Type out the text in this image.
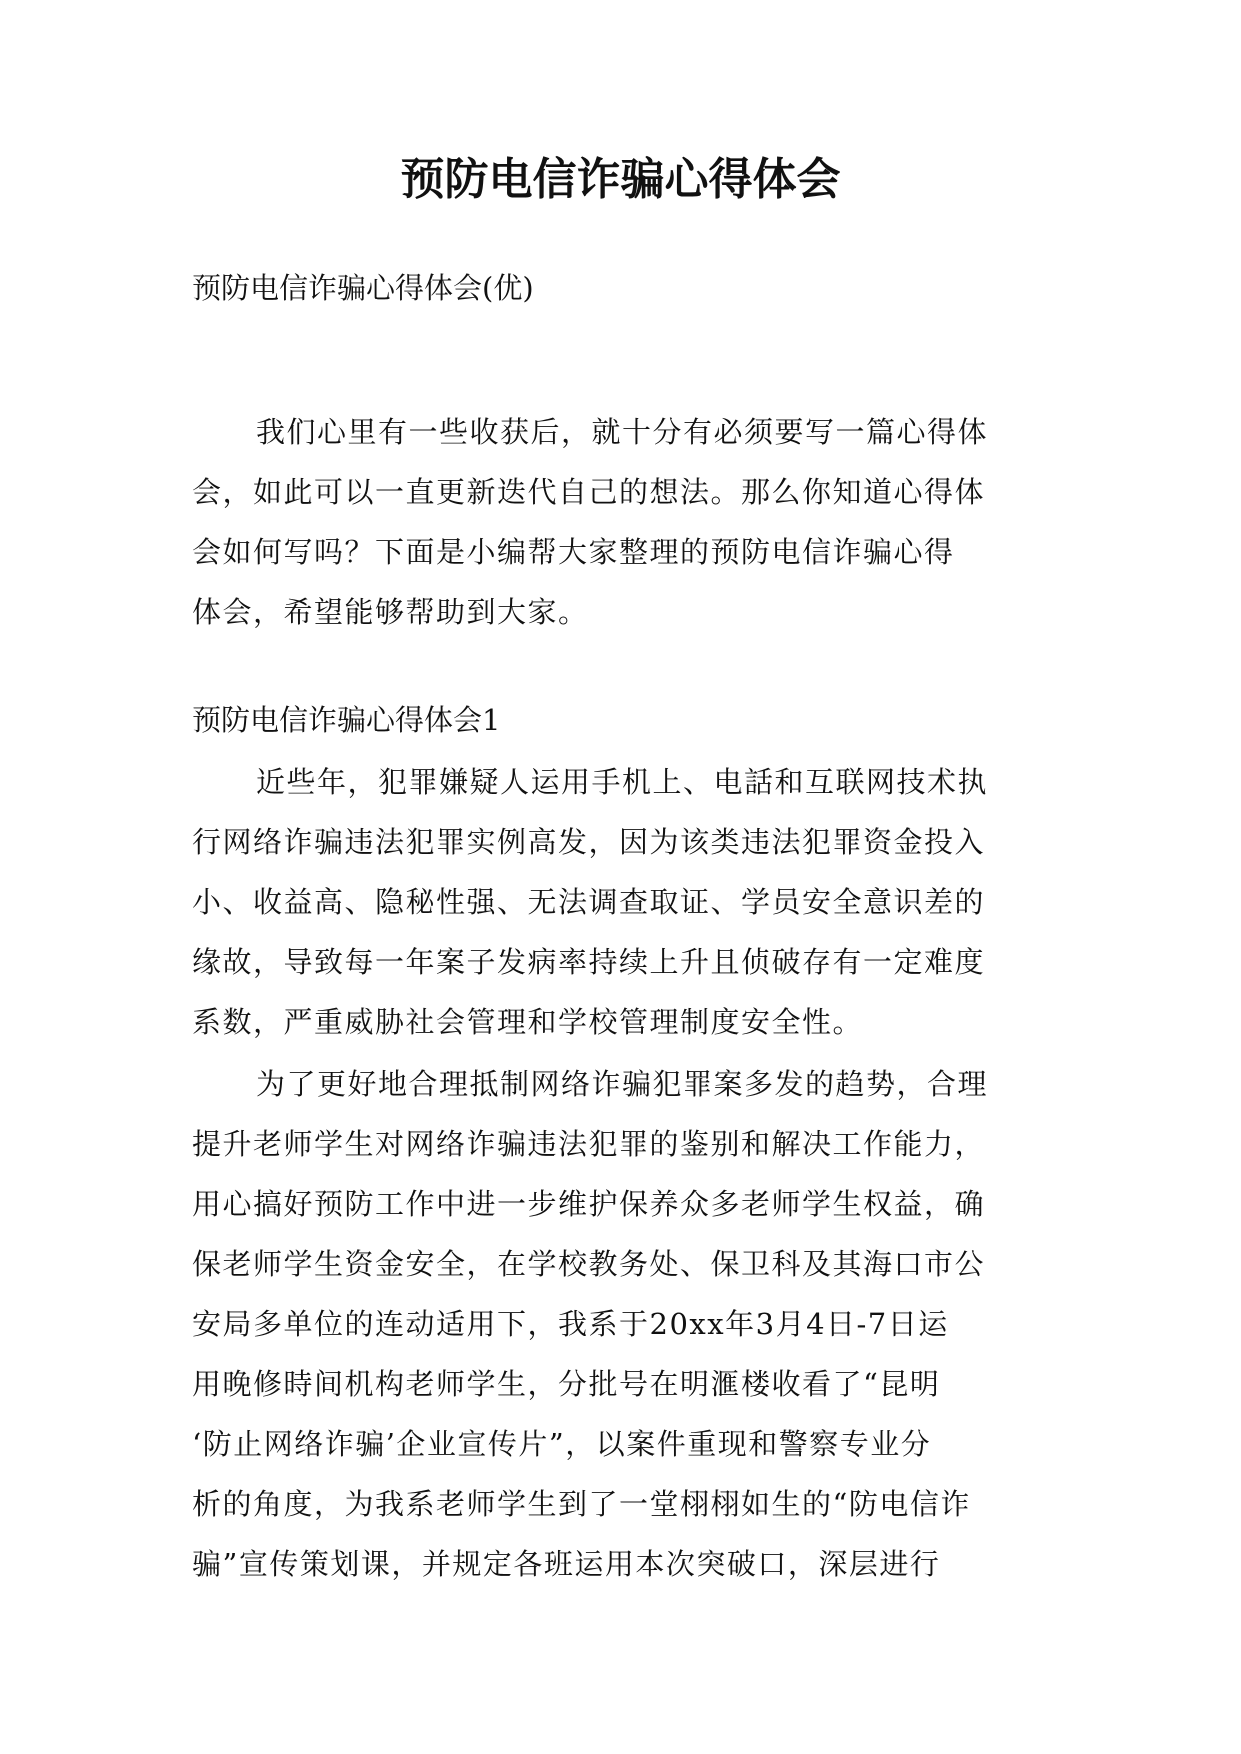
预防电信诈骗心得体会
预防电信诈骗心得体会(优)
我们心里有一些收获后，就十分有必须要写一篇心得体
会，如此可以一直更新迭代自己的想法。那么你知道心得体
会如何写吗？下面是小编帮大家整理的预防电信诈骗心得
体会，希望能够帮助到大家。
预防电信诈骗心得体会1
近些年，犯罪嫌疑人运用手机上、电話和互联网技术执
行网络诈骗违法犯罪实例高发，因为该类违法犯罪资金投入
小、收益高、隐秘性强、无法调查取证、学员安全意识差的
缘故，导致每一年案子发病率持续上升且侦破存有一定难度
系数，严重威胁社会管理和学校管理制度安全性。
为了更好地合理抵制网络诈骗犯罪案多发的趋势，合理
提升老师学生对网络诈骗违法犯罪的鉴别和解决工作能力，
用心搞好预防工作中进一步维护保养众多老师学生权益，确
保老师学生资金安全，在学校教务处、保卫科及其海口市公
安局多单位的连动适用下，我系于20xx年3月4日-7日运
用晚修時间机构老师学生，分批号在明滙楼收看了“昆明
‘防止网络诈骗’企业宣传片”，以案件重现和警察专业分
析的角度，为我系老师学生到了一堂栩栩如生的“防电信诈
骗”宣传策划课，并规定各班运用本次突破口，深层进行
